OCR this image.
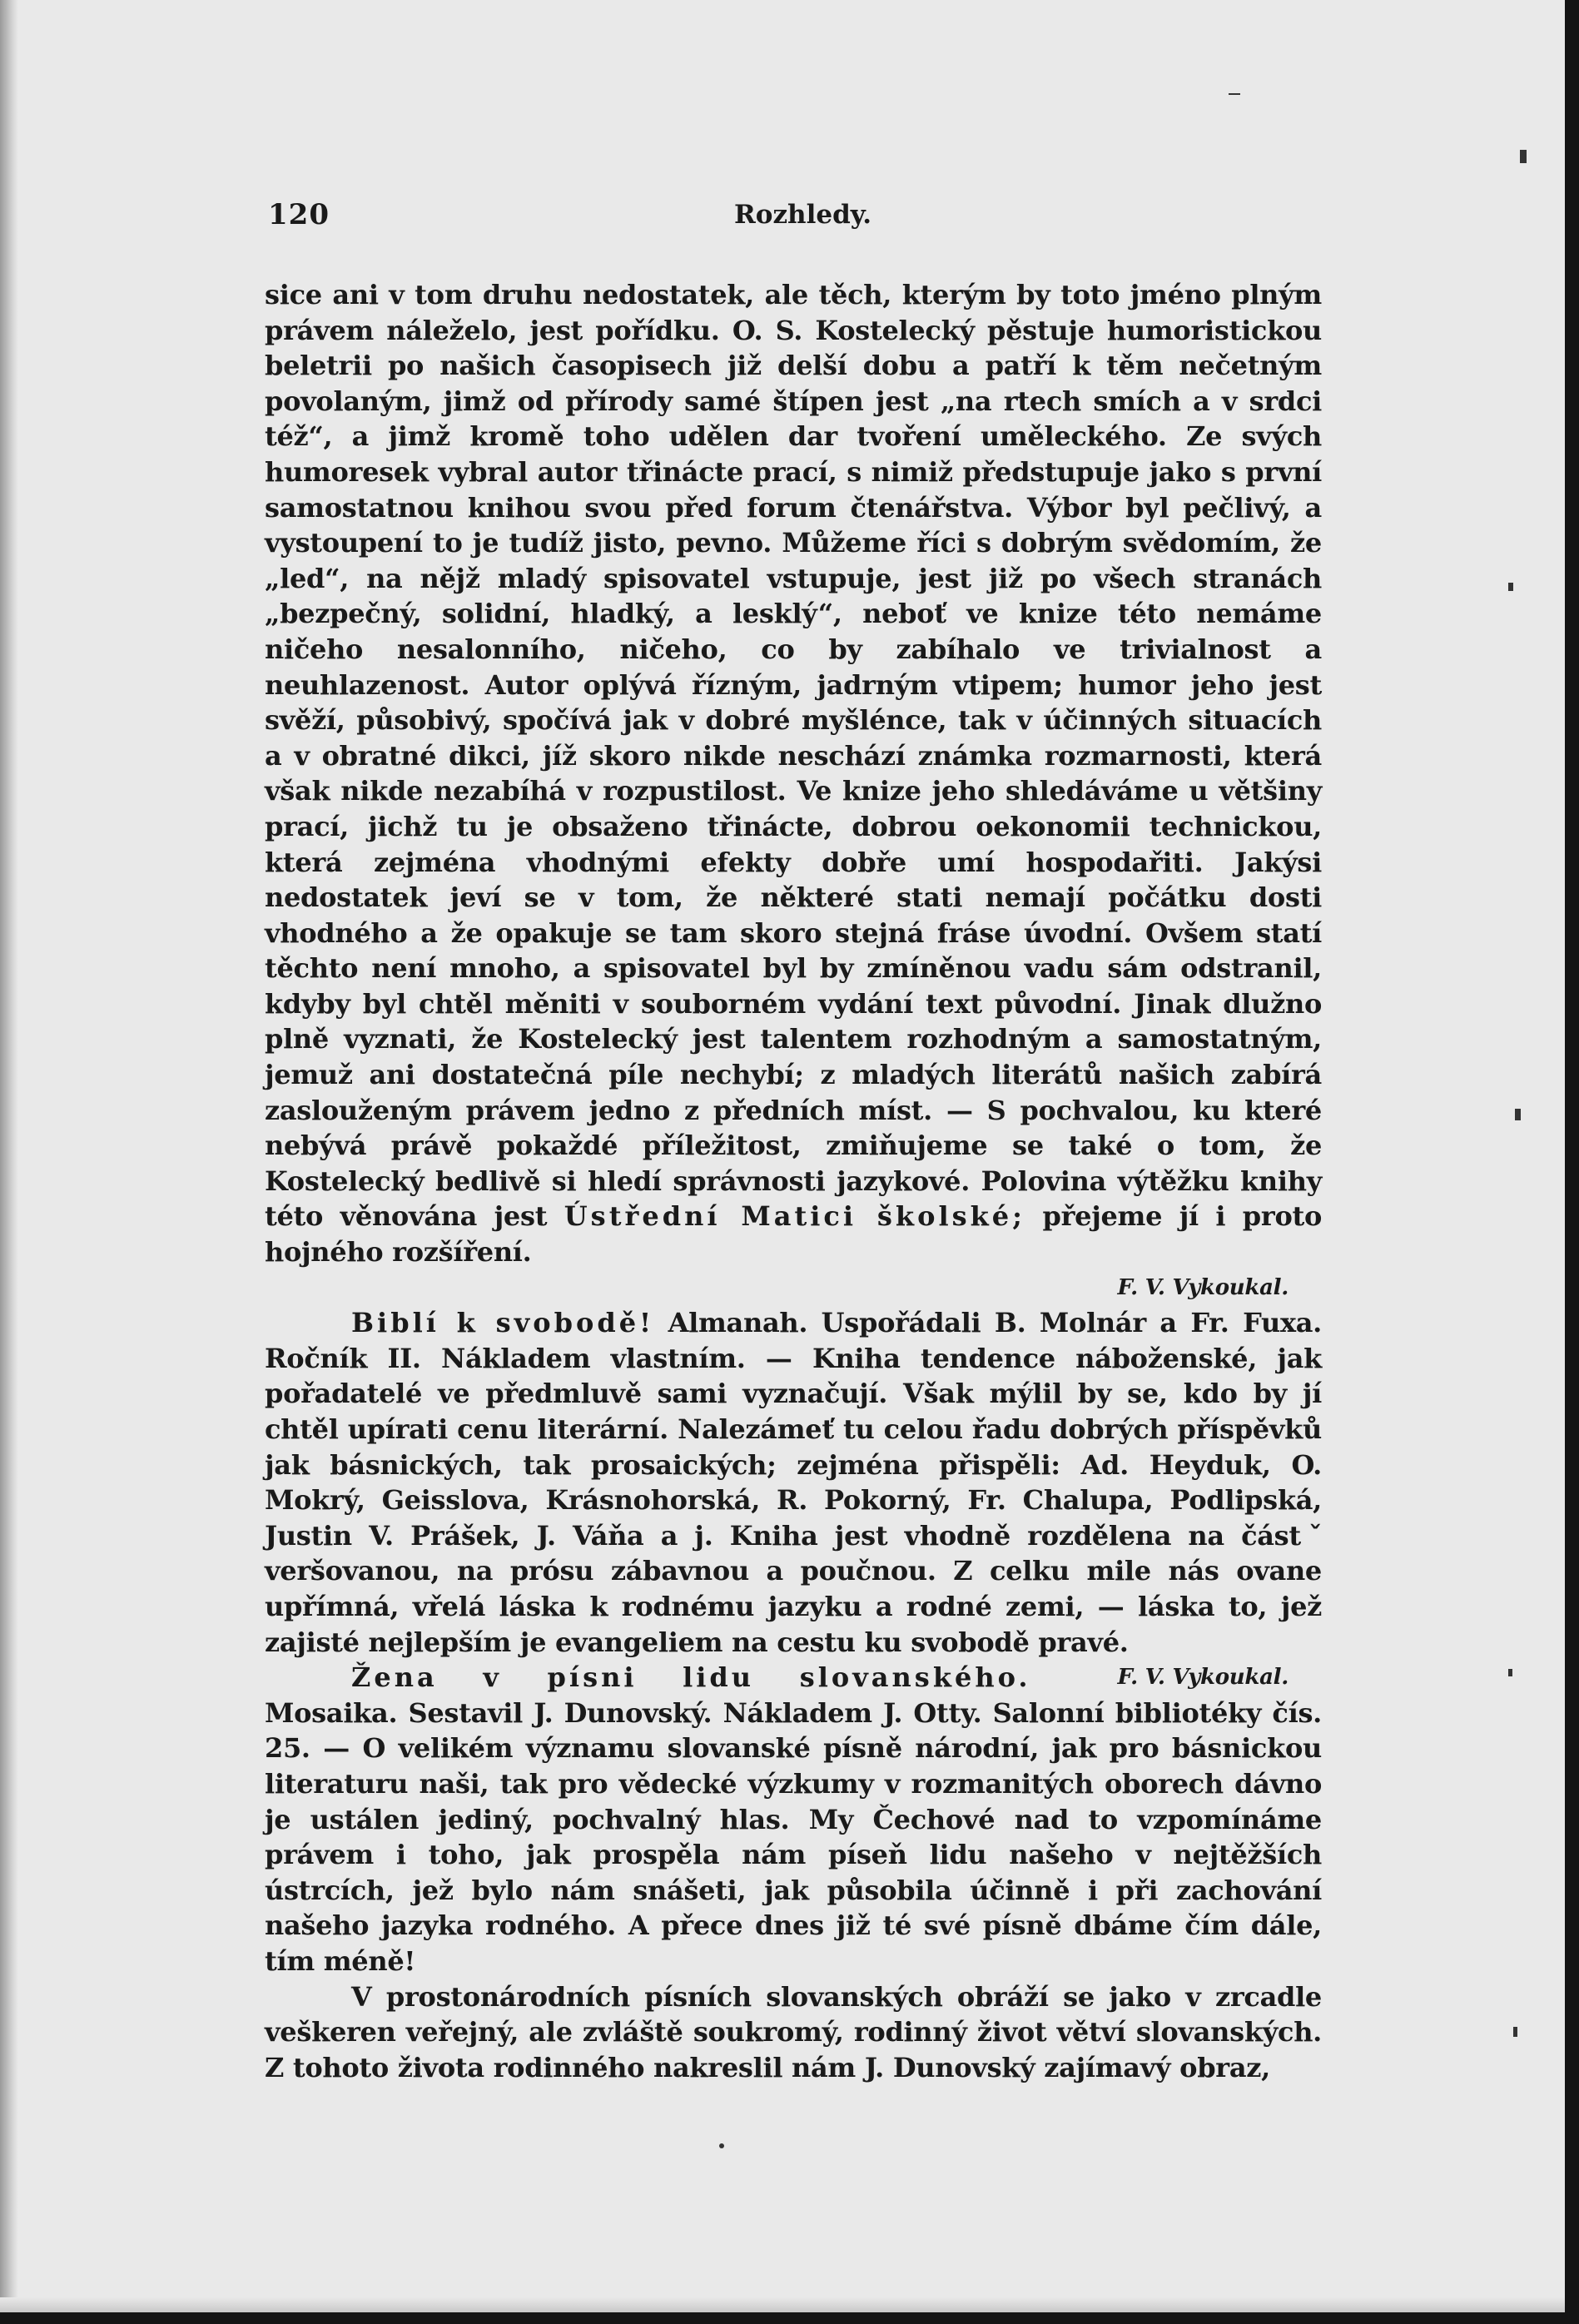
120	Rozhledy.

sice ani v tom druhu nedostatek, ale těch, kterým by toto jméno plným právem náleželo, jest pořídku. O. S. Kostelecký pěstuje humoristickou beletrii po našich časopisech již delší dobu a patří k těm nečetným povolaným, jimž od přírody samé štípen jest „na rtech smích a v srdci též“, a jimž kromě toho udělen dar tvoření uměleckého. Ze svých humoresek vybral autor třinácte prací, s nimiž předstupuje jako s první samostatnou knihou svou před forum čtenářstva. Výbor byl pečlivý, a vystoupení to je tudíž jisto, pevno. Můžeme říci s dobrým svědomím, že „led“, na nějž mladý spisovatel vstupuje, jest již po všech stranách „bezpečný, solidní, hladký, a lesklý“, neboť ve knize této nemáme ničeho nesalonního, ničeho, co by zabíhalo ve trivialnost a neuhlazenost. Autor oplývá řízným, jadrným vtipem; humor jeho jest svěží, působivý, spočívá jak v dobré myšlénce, tak v účinných situacích a v obratné dikci, jíž skoro nikde neschází známka rozmarnosti, která však nikde nezabíhá v rozpustilost. Ve knize jeho shledáváme u většiny prací, jichž tu je obsaženo třinácte, dobrou oekonomii technickou, která zejména vhodnými efekty dobře umí hospodařiti. Jakýsi nedostatek jeví se v tom, že některé stati nemají počátku dosti vhodného a že opakuje se tam skoro stejná fráse úvodní. Ovšem statí těchto není mnoho, a spisovatel byl by zmíněnou vadu sám odstranil, kdyby byl chtěl měniti v souborném vydání text původní. Jinak dlužno plně vyznati, že Kostelecký jest talentem rozhodným a samostatným, jemuž ani dostatečná píle nechybí; z mladých literátů našich zabírá zaslouženým právem jedno z předních míst. — S pochvalou, ku které nebývá právě pokaždé příležitost, zmiňujeme se také o tom, že Kostelecký bedlivě si hledí správnosti jazykové. Polovina výtěžku knihy této věnována jest Ústřední Matici školské; přejeme jí i proto hojného rozšíření.

F. V. Vykoukal.

Biblí k svobodě! Almanah. Uspořádali B. Molnár a Fr. Fuxa. Ročník II. Nákladem vlastním. — Kniha tendence náboženské, jak pořadatelé ve předmluvě sami vyznačují. Však mýlil by se, kdo by jí chtěl upírati cenu literární. Nalezámeť tu celou řadu dobrých příspěvků jak básnických, tak prosaických; zejména přispěli: Ad. Heyduk, O. Mokrý, Geisslova, Krásnohorská, R. Pokorný, Fr. Chalupa, Podlipská, Justin V. Prášek, J. Váňa a j. Kniha jest vhodně rozdělena na částˇ veršovanou, na prósu zábavnou a poučnou. Z celku mile nás ovane upřímná, vřelá láska k rodnému jazyku a rodné zemi, — láska to, jež zajisté nejlepším je evangeliem na cestu ku svobodě pravé.
F. V. Vykoukal.

Žena v písni lidu slovanského. Mosaika. Sestavil J. Dunovský. Nákladem J. Otty. Salonní bibliotéky čís. 25. — O velikém významu slovanské písně národní, jak pro básnickou literaturu naši, tak pro vědecké výzkumy v rozmanitých oborech dávno je ustálen jediný, pochvalný hlas. My Čechové nad to vzpomínáme právem i toho, jak prospěla nám píseň lidu našeho v nejtěžších ústrcích, jež bylo nám snášeti, jak působila účinně i při zachování našeho jazyka rodného. A přece dnes již té své písně dbáme čím dále, tím méně!

V prostonárodních písních slovanských obráží se jako v zrcadle veškeren veřejný, ale zvláště soukromý, rodinný život větví slovanských. Z tohoto života rodinného nakreslil nám J. Dunovský zajímavý obraz,
